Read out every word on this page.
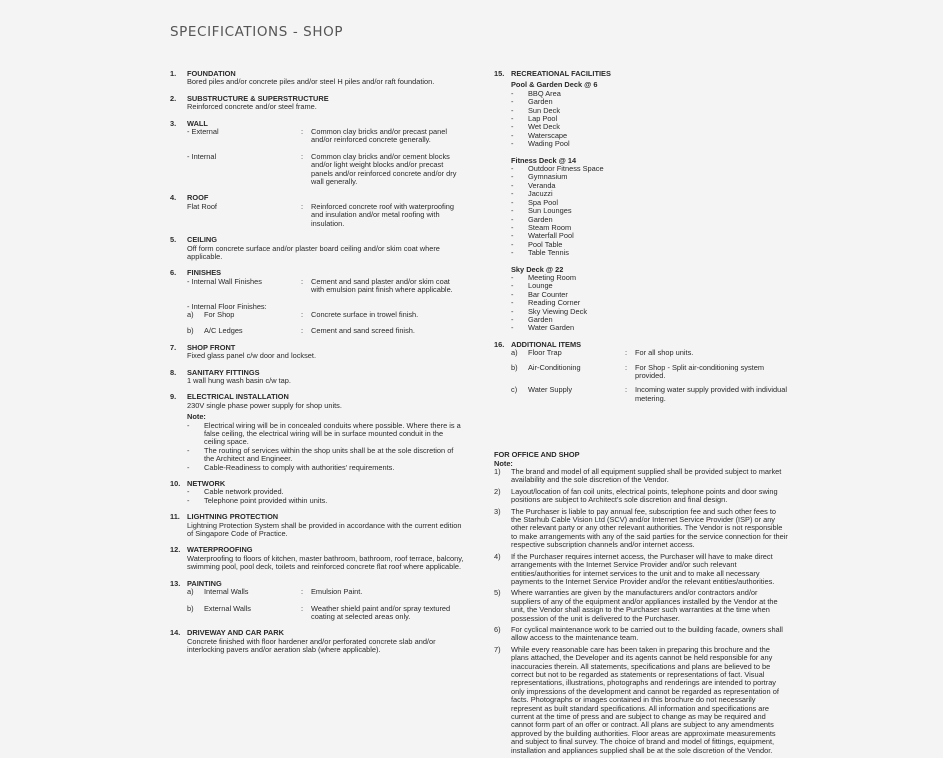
SPECIFICATIONS - SHOP
1.	FOUNDATION
Bored piles and/or concrete piles and/or steel H piles and/or raft foundation.
2.	SUBSTRUCTURE & SUPERSTRUCTURE
Reinforced concrete and/or steel frame.
3.	WALL
- External	:	Common clay bricks and/or precast panel and/or reinforced concrete generally.
- Internal	:	Common clay bricks and/or cement blocks and/or light weight blocks and/or precast panels and/or reinforced concrete and/or dry wall generally.
4.	ROOF
Flat Roof	:	Reinforced concrete roof with waterproofing and insulation and/or metal roofing with insulation.
5.	CEILING
Off form concrete surface and/or plaster board ceiling and/or skim coat where applicable.
6.	FINISHES
- Internal Wall Finishes	:	Cement and sand plaster and/or skim coat with emulsion paint finish where applicable.
- Internal Floor Finishes:
a)	For Shop	:	Concrete surface in trowel finish.
b)	A/C Ledges	:	Cement and sand screed finish.
7.	SHOP FRONT
Fixed glass panel c/w door and lockset.
8.	SANITARY FITTINGS
1 wall hung wash basin c/w tap.
9.	ELECTRICAL INSTALLATION
230V single phase power supply for shop units.
Note:
-	Electrical wiring will be in concealed conduits where possible. Where there is a false ceiling, the electrical wiring will be in surface mounted conduit in the ceiling space.
-	The routing of services within the shop units shall be at the sole discretion of the Architect and Engineer.
-	Cable-Readiness to comply with authorities' requirements.
10. NETWORK
-	Cable network provided.
-	Telephone point provided within units.
11. LIGHTNING PROTECTION
Lightning Protection System shall be provided in accordance with the current edition of Singapore Code of Practice.
12. WATERPROOFING
Waterproofing to floors of kitchen, master bathroom, bathroom, roof terrace, balcony, swimming pool, pool deck, toilets and reinforced concrete flat roof where applicable.
13. PAINTING
a)	Internal Walls	:	Emulsion Paint.
b)	External Walls	:	Weather shield paint and/or spray textured coating at selected areas only.
14. DRIVEWAY AND CAR PARK
Concrete finished with floor hardener and/or perforated concrete slab and/or interlocking pavers and/or aeration slab (where applicable).
15. RECREATIONAL FACILITIES
Pool & Garden Deck @ 6
-	BBQ Area
-	Garden
-	Sun Deck
-	Lap Pool
-	Wet Deck
-	Waterscape
-	Wading Pool
Fitness Deck @ 14
-	Outdoor Fitness Space
-	Gymnasium
-	Veranda
-	Jacuzzi
-	Spa Pool
-	Sun Lounges
-	Garden
-	Steam Room
-	Waterfall Pool
-	Pool Table
-	Table Tennis
Sky Deck @ 22
-	Meeting Room
-	Lounge
-	Bar Counter
-	Reading Corner
-	Sky Viewing Deck
-	Garden
-	Water Garden
16. ADDITIONAL ITEMS
a)	Floor Trap	:	For all shop units.
b)	Air-Conditioning	:	For Shop - Split air-conditioning system provided.
c)	Water Supply	:	Incoming water supply provided with individual metering.
FOR OFFICE AND SHOP
Note:
1)	The brand and model of all equipment supplied shall be provided subject to market availability and the sole discretion of the Vendor.
2)	Layout/location of fan coil units, electrical points, telephone points and door swing positions are subject to Architect's sole discretion and final design.
3)	The Purchaser is liable to pay annual fee, subscription fee and such other fees to the Starhub Cable Vision Ltd (SCV) and/or Internet Service Provider (ISP) or any other relevant party or any other relevant authorities. The Vendor is not responsible to make arrangements with any of the said parties for the service connection for their respective subscription channels and/or internet access.
4)	If the Purchaser requires internet access, the Purchaser will have to make direct arrangements with the Internet Service Provider and/or such relevant entities/authorities for internet services to the unit and to make all necessary payments to the Internet Service Provider and/or the relevant entities/authorities.
5)	Where warranties are given by the manufacturers and/or contractors and/or suppliers of any of the equipment and/or appliances installed by the Vendor at the unit, the Vendor shall assign to the Purchaser such warranties at the time when possession of the unit is delivered to the Purchaser.
6)	For cyclical maintenance work to be carried out to the building facade, owners shall allow access to the maintenance team.
7)	While every reasonable care has been taken in preparing this brochure and the plans attached, the Developer and its agents cannot be held responsible for any inaccuracies therein. All statements, specifications and plans are believed to be correct but not to be regarded as statements or representations of fact. Visual representations, illustrations, photographs and renderings are intended to portray only impressions of the development and cannot be regarded as representation of facts. Photographs or images contained in this brochure do not necessarily represent as built standard specifications. All information and specifications are current at the time of press and are subject to change as may be required and cannot form part of an offer or contract. All plans are subject to any amendments approved by the building authorities. Floor areas are approximate measurements and subject to final survey. The choice of brand and model of fittings, equipment, installation and appliances supplied shall be at the sole discretion of the Vendor.
